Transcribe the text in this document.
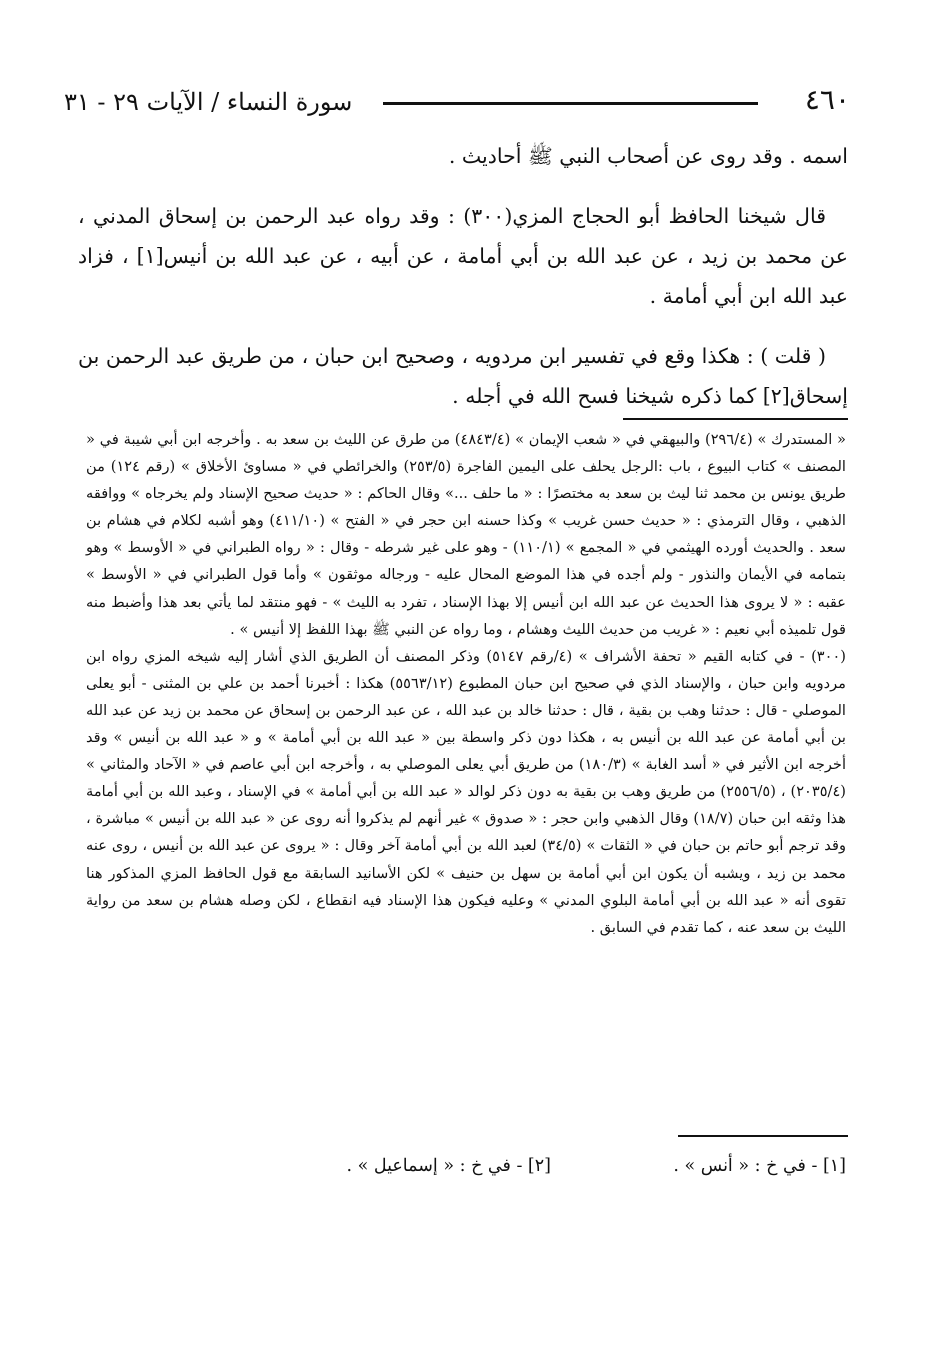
٤٦٠
سورة النساء / الآيات ٢٩ - ٣١

اسمه . وقد روى عن أصحاب النبي ﷺ أحاديث .

قال شيخنا الحافظ أبو الحجاج المزي(٣٠٠) : وقد رواه عبد الرحمن بن إسحاق المدني ، عن محمد بن زيد ، عن عبد الله بن أبي أمامة ، عن أبيه ، عن عبد الله بن أنيس[١] ، فزاد عبد الله ابن أبي أمامة .

( قلت ) : هكذا وقع في تفسير ابن مردويه ، وصحيح ابن حبان ، من طريق عبد الرحمن بن إسحاق[٢] كما ذكره شيخنا فسح الله في أجله .

« المستدرك » (٢٩٦/٤) والبيهقي في « شعب الإيمان » (٤٨٤٣/٤) من طرق عن الليث بن سعد به . وأخرجه ابن أبي شيبة في « المصنف » كتاب البيوع ، باب :الرجل يحلف على اليمين الفاجرة (٢٥٣/٥) والخرائطي في « مساوئ الأخلاق » (رقم ١٢٤) من طريق يونس بن محمد ثنا ليث بن سعد به مختصرًا : « ما حلف ...» وقال الحاكم : « حديث صحيح الإسناد ولم يخرجاه » ووافقه الذهبي ، وقال الترمذي : « حديث حسن غريب » وكذا حسنه ابن حجر في « الفتح » (٤١١/١٠) وهو أشبه لكلام في هشام بن سعد . والحديث أورده الهيثمي في « المجمع » (١١٠/١) - وهو على غير شرطه - وقال : « رواه الطبراني في « الأوسط » وهو بتمامه في الأيمان والنذور - ولم أجده في هذا الموضع المحال عليه - ورجاله موثقون » وأما قول الطبراني في « الأوسط » عقبه : « لا يروى هذا الحديث عن عبد الله ابن أنيس إلا بهذا الإسناد ، تفرد به الليث » - فهو منتقد لما يأتي بعد هذا وأضبط منه قول تلميذه أبي نعيم : « غريب من حديث الليث وهشام ، وما رواه عن النبي ﷺ بهذا اللفظ إلا أنيس » .

(٣٠٠) - في كتابه القيم « تحفة الأشراف » (٤/رقم ٥١٤٧) وذكر المصنف أن الطريق الذي أشار إليه شيخه المزي رواه ابن مردويه وابن حبان ، والإسناد الذي في صحيح ابن حبان المطبوع (٥٥٦٣/١٢) هكذا : أخبرنا أحمد بن علي بن المثنى - أبو يعلى الموصلي - قال : حدثنا وهب بن بقية ، قال : حدثنا خالد بن عبد الله ، عن عبد الرحمن بن إسحاق عن محمد بن زيد عن عبد الله بن أبي أمامة عن عبد الله بن أنيس به ، هكذا دون ذكر واسطة بين « عبد الله بن أبي أمامة » و « عبد الله بن أنيس » وقد أخرجه ابن الأثير في « أسد الغابة » (١٨٠/٣) من طريق أبي يعلى الموصلي به ، وأخرجه ابن أبي عاصم في « الآحاد والمثاني » (٢٠٣٥/٤) ، (٢٥٥٦/٥) من طريق وهب بن بقية به دون ذكر لوالد « عبد الله بن أبي أمامة » في الإسناد ، وعبد الله بن أبي أمامة هذا وثقه ابن حبان (١٨/٧) وقال الذهبي وابن حجر : « صدوق » غير أنهم لم يذكروا أنه روى عن « عبد الله بن أنيس » مباشرة ، وقد ترجم أبو حاتم بن حبان في « الثقات » (٣٤/٥) لعبد الله بن أبي أمامة آخر وقال : « يروى عن عبد الله بن أنيس ، روى عنه محمد بن زيد ، ويشبه أن يكون ابن أبي أمامة بن سهل بن حنيف » لكن الأسانيد السابقة مع قول الحافظ المزي المذكور هنا تقوى أنه « عبد الله بن أبي أمامة البلوي المدني » وعليه فيكون هذا الإسناد فيه انقطاع ، لكن وصله هشام بن سعد من رواية الليث بن سعد عنه ، كما تقدم في السابق .

[١] - في خ : « أنس » .
[٢] - في خ : « إسماعيل » .
